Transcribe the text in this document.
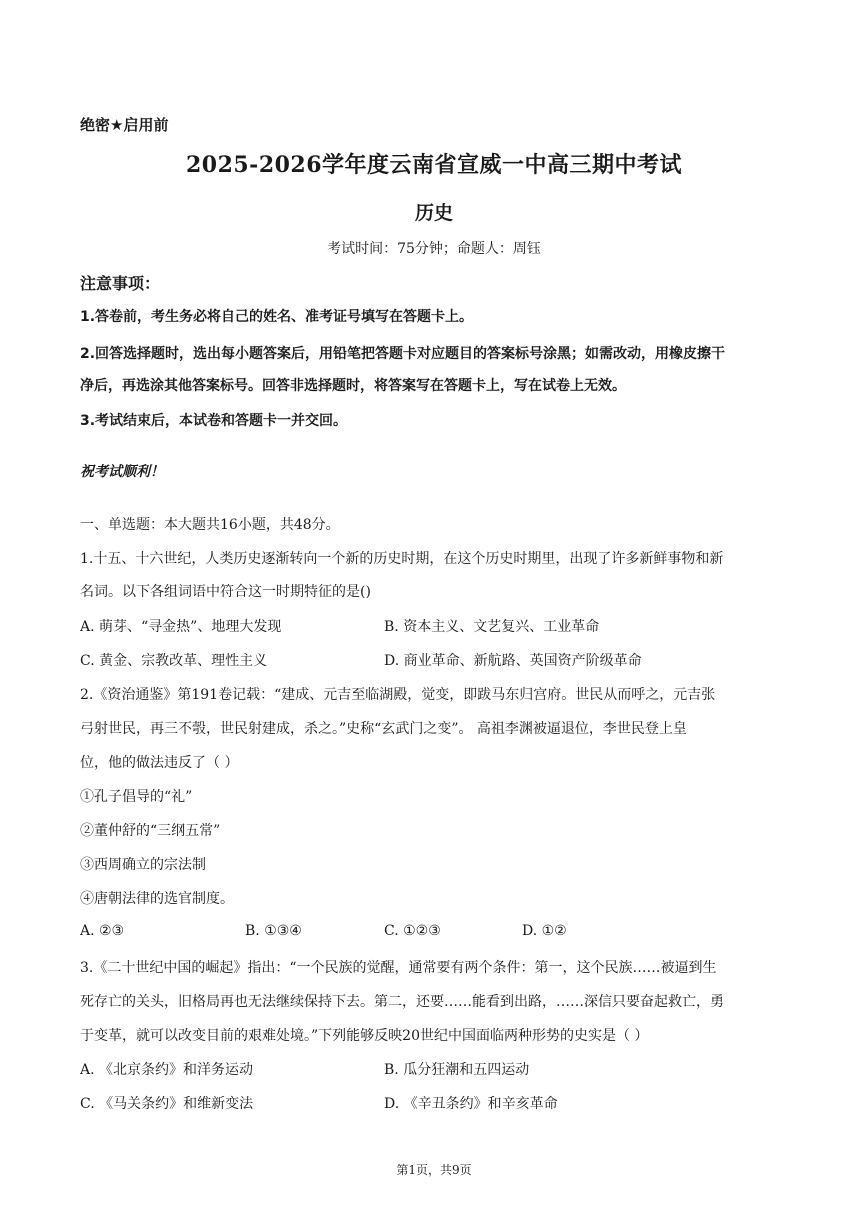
绝密★启用前
2025-2026学年度云南省宣威一中高三期中考试
历史
考试时间：75分钟；命题人：周钰
注意事项：
1.答卷前，考生务必将自己的姓名、准考证号填写在答题卡上。
2.回答选择题时，选出每小题答案后，用铅笔把答题卡对应题目的答案标号涂黑；如需改动，用橡皮擦干
净后，再选涂其他答案标号。回答非选择题时，将答案写在答题卡上，写在试卷上无效。
3.考试结束后，本试卷和答题卡一并交回。
祝考试顺利！
一、单选题：本大题共16小题，共48分。
1.十五、十六世纪，人类历史逐渐转向一个新的历史时期，在这个历史时期里，出现了许多新鲜事物和新
名词。以下各组词语中符合这一时期特征的是()
A. 萌芽、“寻金热”、地理大发现	B. 资本主义、文艺复兴、工业革命
C. 黄金、宗教改革、理性主义	D. 商业革命、新航路、英国资产阶级革命
2.《资治通鉴》第191卷记载：“建成、元吉至临湖殿，觉变，即跋马东归宫府。世民从而呼之，元吉张
弓射世民，再三不彀，世民射建成，杀之。”史称“玄武门之变”。 高祖李渊被逼退位，李世民登上皇
位，他的做法违反了（ ）
①孔子倡导的“礼”
②董仲舒的“三纲五常”
③西周确立的宗法制
④唐朝法律的选官制度。
A. ②③	B. ①③④	C. ①②③	D. ①②
3.《二十世纪中国的崛起》指出：“一个民族的觉醒，通常要有两个条件：第一，这个民族……被逼到生
死存亡的关头，旧格局再也无法继续保持下去。第二，还要……能看到出路，……深信只要奋起救亡，勇
于变革，就可以改变目前的艰难处境。”下列能够反映20世纪中国面临两种形势的史实是（ ）
A. 《北京条约》和洋务运动	B. 瓜分狂潮和五四运动
C. 《马关条约》和维新变法	D. 《辛丑条约》和辛亥革命
第1页，共9页
